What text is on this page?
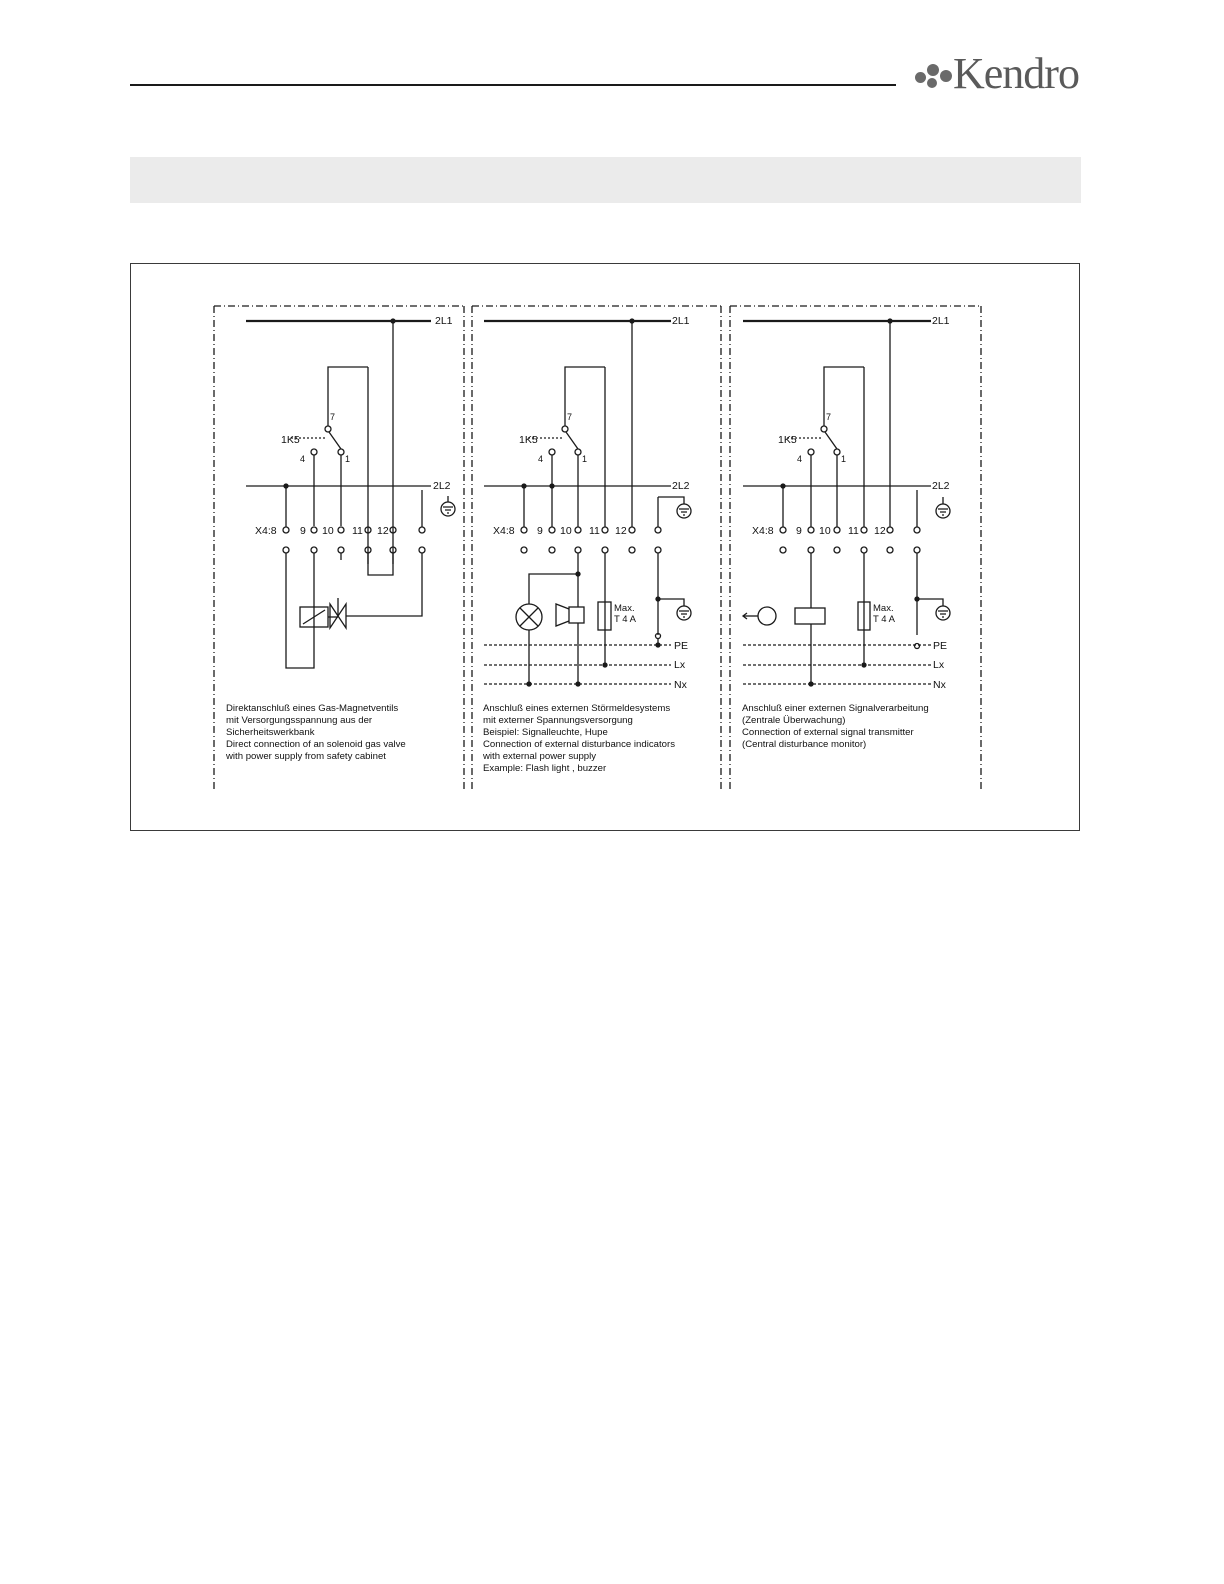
Kendro
2L1
2L2
1K5
7
4	1
X4:8 9 10 11 12
2L1
2L2
1K5
7
4	1
X4:8 9 10 11 12
Max.
T 4 A
PE
Lx
Nx
2L1
2L2
1K5
7
4	1
X4:8 9 10 11 12
Max.
T 4 A
PE
Lx
Nx
Direktanschluß eines Gas-Magnetventils
mit Versorgungsspannung aus der
Sicherheitswerkbank
Direct connection of an solenoid gas valve
with power supply from safety cabinet
Anschluß eines externen Störmeldesystems
mit externer Spannungsversorgung
Beispiel: Signalleuchte, Hupe
Connection of external disturbance indicators
with external power supply
Example: Flash light , buzzer
Anschluß einer externen Signalverarbeitung
(Zentrale Überwachung)
Connection of external signal transmitter
(Central disturbance monitor)
